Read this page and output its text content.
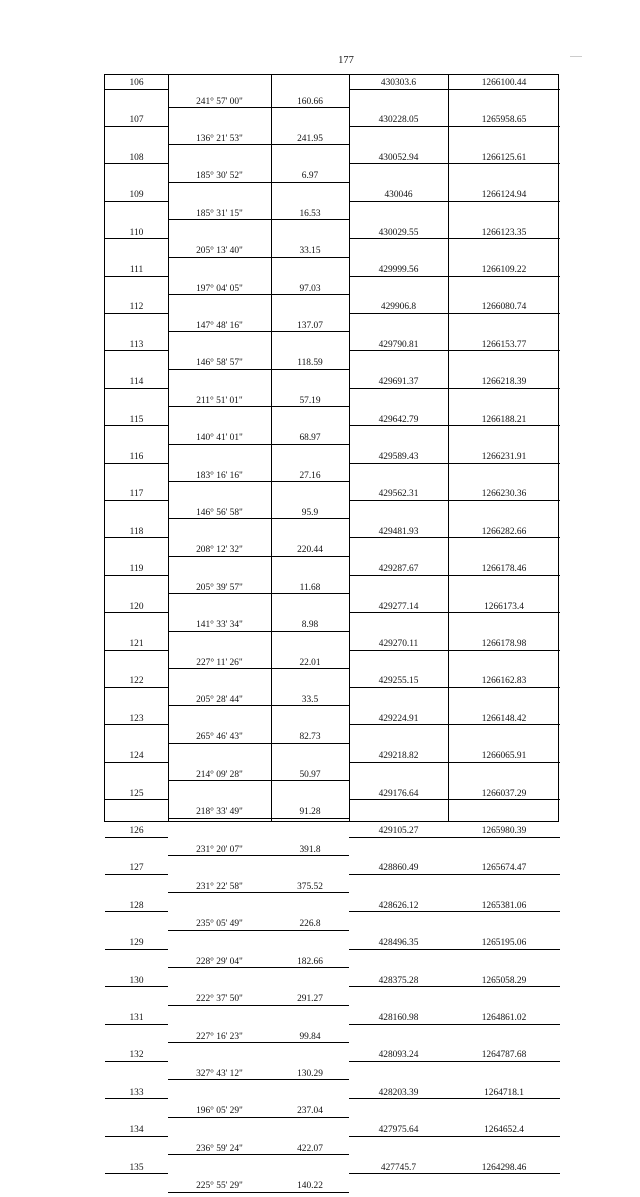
177
106	430303.6	1266100.44
241° 57' 00"	160.66
107	430228.05	1265958.65
136° 21' 53"	241.95
108	430052.94	1266125.61
185° 30' 52"	6.97
109	430046	1266124.94
185° 31' 15"	16.53
110	430029.55	1266123.35
205° 13' 40"	33.15
111	429999.56	1266109.22
197° 04' 05"	97.03
112	429906.8	1266080.74
147° 48' 16"	137.07
113	429790.81	1266153.77
146° 58' 57"	118.59
114	429691.37	1266218.39
211° 51' 01"	57.19
115	429642.79	1266188.21
140° 41' 01"	68.97
116	429589.43	1266231.91
183° 16' 16"	27.16
117	429562.31	1266230.36
146° 56' 58"	95.9
118	429481.93	1266282.66
208° 12' 32"	220.44
119	429287.67	1266178.46
205° 39' 57"	11.68
120	429277.14	1266173.4
141° 33' 34"	8.98
121	429270.11	1266178.98
227° 11' 26"	22.01
122	429255.15	1266162.83
205° 28' 44"	33.5
123	429224.91	1266148.42
265° 46' 43"	82.73
124	429218.82	1266065.91
214° 09' 28"	50.97
125	429176.64	1266037.29
218° 33' 49"	91.28
126	429105.27	1265980.39
231° 20' 07"	391.8
127	428860.49	1265674.47
231° 22' 58"	375.52
128	428626.12	1265381.06
235° 05' 49"	226.8
129	428496.35	1265195.06
228° 29' 04"	182.66
130	428375.28	1265058.29
222° 37' 50"	291.27
131	428160.98	1264861.02
227° 16' 23"	99.84
132	428093.24	1264787.68
327° 43' 12"	130.29
133	428203.39	1264718.1
196° 05' 29"	237.04
134	427975.64	1264652.4
236° 59' 24"	422.07
135	427745.7	1264298.46
225° 55' 29"	140.22
